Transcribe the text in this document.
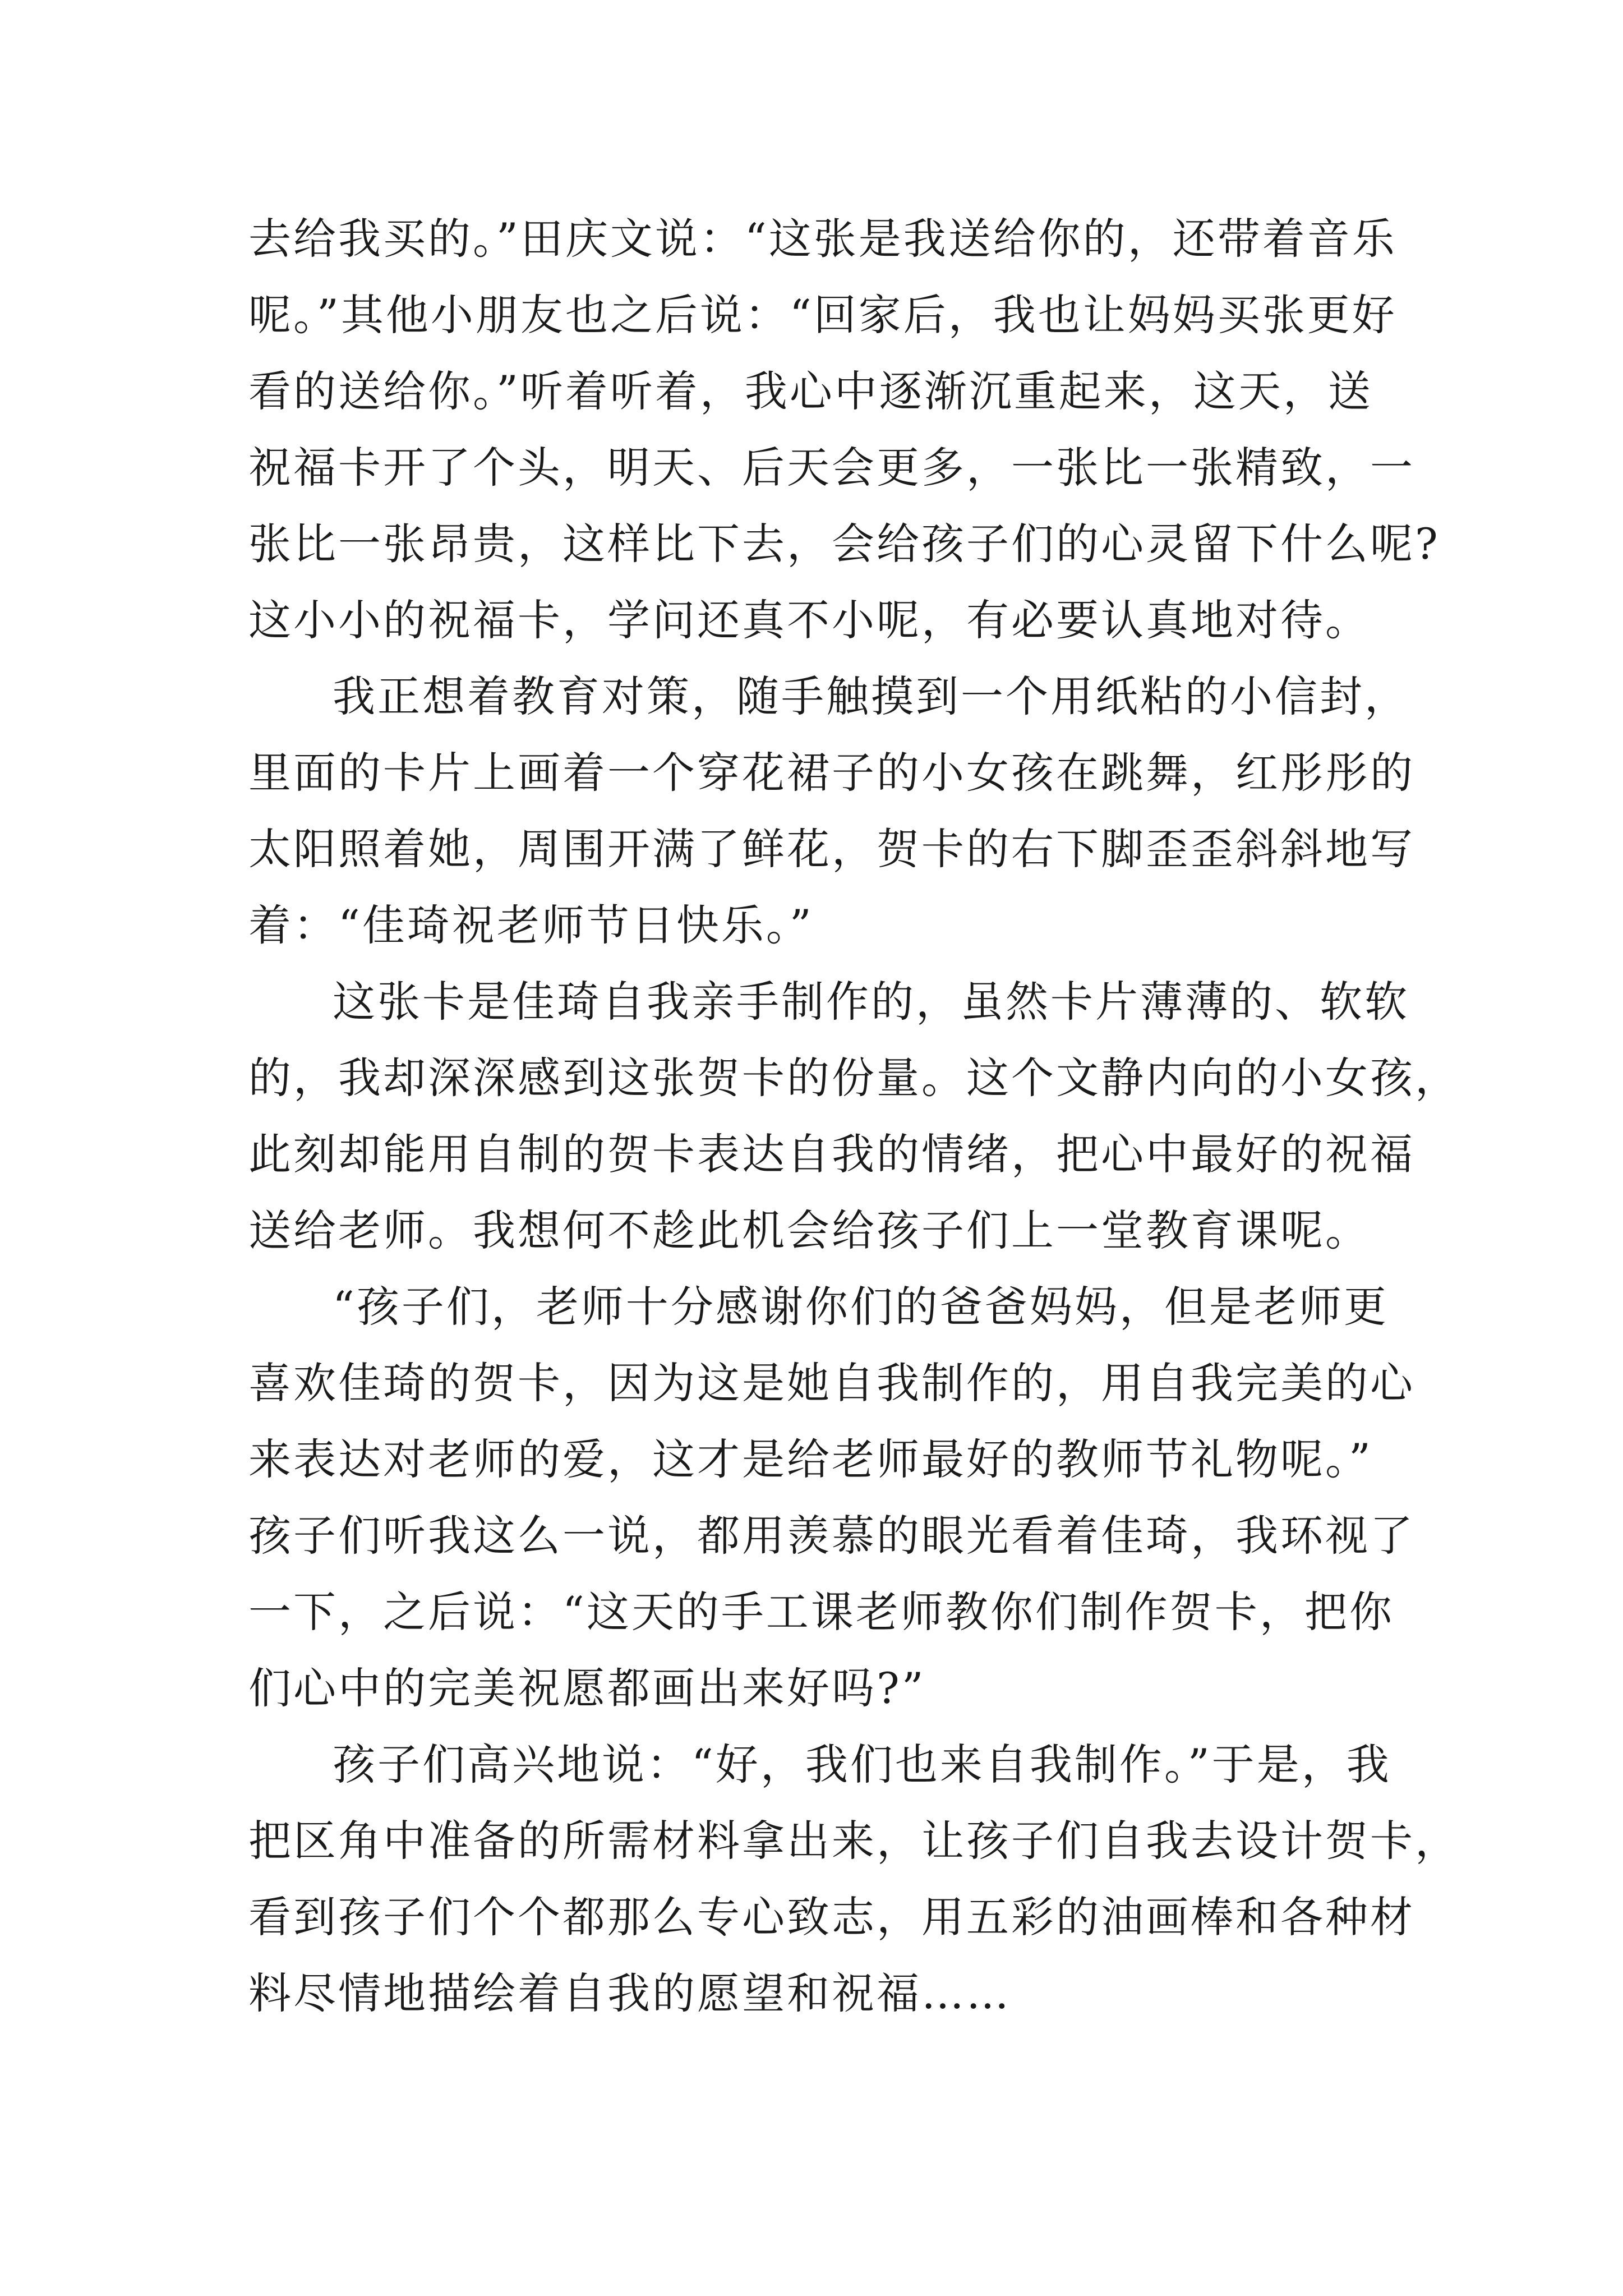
去给我买的。”田庆文说：“这张是我送给你的，还带着音乐
呢。”其他小朋友也之后说：“回家后，我也让妈妈买张更好
看的送给你。”听着听着，我心中逐渐沉重起来，这天，送
祝福卡开了个头，明天、后天会更多，一张比一张精致，一
张比一张昂贵，这样比下去，会给孩子们的心灵留下什么呢?
这小小的祝福卡，学问还真不小呢，有必要认真地对待。
我正想着教育对策，随手触摸到一个用纸粘的小信封，
里面的卡片上画着一个穿花裙子的小女孩在跳舞，红彤彤的
太阳照着她，周围开满了鲜花，贺卡的右下脚歪歪斜斜地写
着：“佳琦祝老师节日快乐。”
这张卡是佳琦自我亲手制作的，虽然卡片薄薄的、软软
的，我却深深感到这张贺卡的份量。这个文静内向的小女孩，
此刻却能用自制的贺卡表达自我的情绪，把心中最好的祝福
送给老师。我想何不趁此机会给孩子们上一堂教育课呢。
“孩子们，老师十分感谢你们的爸爸妈妈，但是老师更
喜欢佳琦的贺卡，因为这是她自我制作的，用自我完美的心
来表达对老师的爱，这才是给老师最好的教师节礼物呢。”
孩子们听我这么一说，都用羡慕的眼光看着佳琦，我环视了
一下，之后说：“这天的手工课老师教你们制作贺卡，把你
们心中的完美祝愿都画出来好吗?”
孩子们高兴地说：“好，我们也来自我制作。”于是，我
把区角中准备的所需材料拿出来，让孩子们自我去设计贺卡，
看到孩子们个个都那么专心致志，用五彩的油画棒和各种材
料尽情地描绘着自我的愿望和祝福……
